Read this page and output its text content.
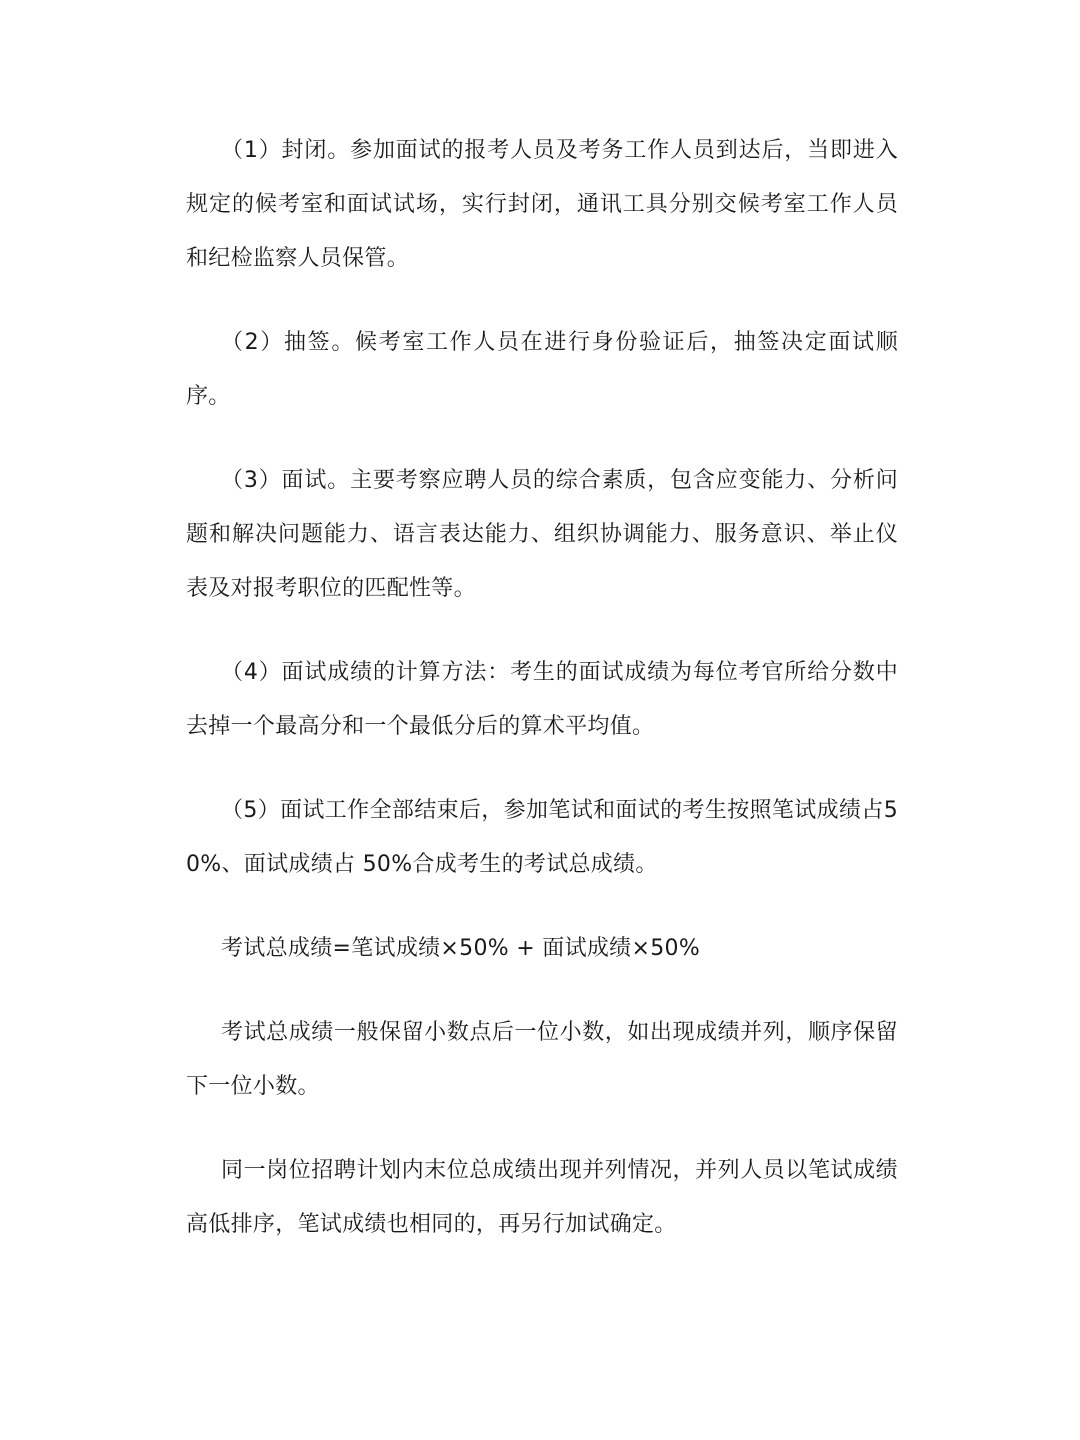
（1）封闭。参加面试的报考人员及考务工作人员到达后，当即进入规定的候考室和面试试场，实行封闭，通讯工具分别交候考室工作人员和纪检监察人员保管。

（2）抽签。候考室工作人员在进行身份验证后，抽签决定面试顺序。

（3）面试。主要考察应聘人员的综合素质，包含应变能力、分析问题和解决问题能力、语言表达能力、组织协调能力、服务意识、举止仪表及对报考职位的匹配性等。

（4）面试成绩的计算方法：考生的面试成绩为每位考官所给分数中去掉一个最高分和一个最低分后的算术平均值。

（5）面试工作全部结束后，参加笔试和面试的考生按照笔试成绩占50%、面试成绩占 50%合成考生的考试总成绩。

考试总成绩=笔试成绩×50% + 面试成绩×50%

考试总成绩一般保留小数点后一位小数，如出现成绩并列，顺序保留下一位小数。

同一岗位招聘计划内末位总成绩出现并列情况，并列人员以笔试成绩高低排序，笔试成绩也相同的，再另行加试确定。
